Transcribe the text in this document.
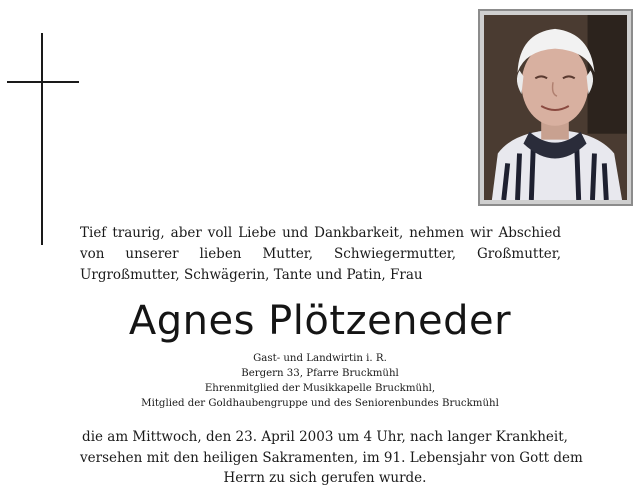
Tief traurig, aber voll Liebe und Dankbarkeit, nehmen wir Abschied von unserer lieben Mutter, Schwiegermutter, Großmutter, Urgroßmutter, Schwägerin, Tante und Patin, Frau
Agnes Plötzeneder
Gast- und Landwirtin i. R.
Bergern 33, Pfarre Bruckmühl
Ehrenmitglied der Musikkapelle Bruckmühl,
Mitglied der Goldhaubengruppe und des Seniorenbundes Bruckmühl
die am Mittwoch, den 23. April 2003 um 4 Uhr, nach langer Krankheit,
versehen mit den heiligen Sakramenten, im 91. Lebensjahr von Gott dem
Herrn zu sich gerufen wurde.
